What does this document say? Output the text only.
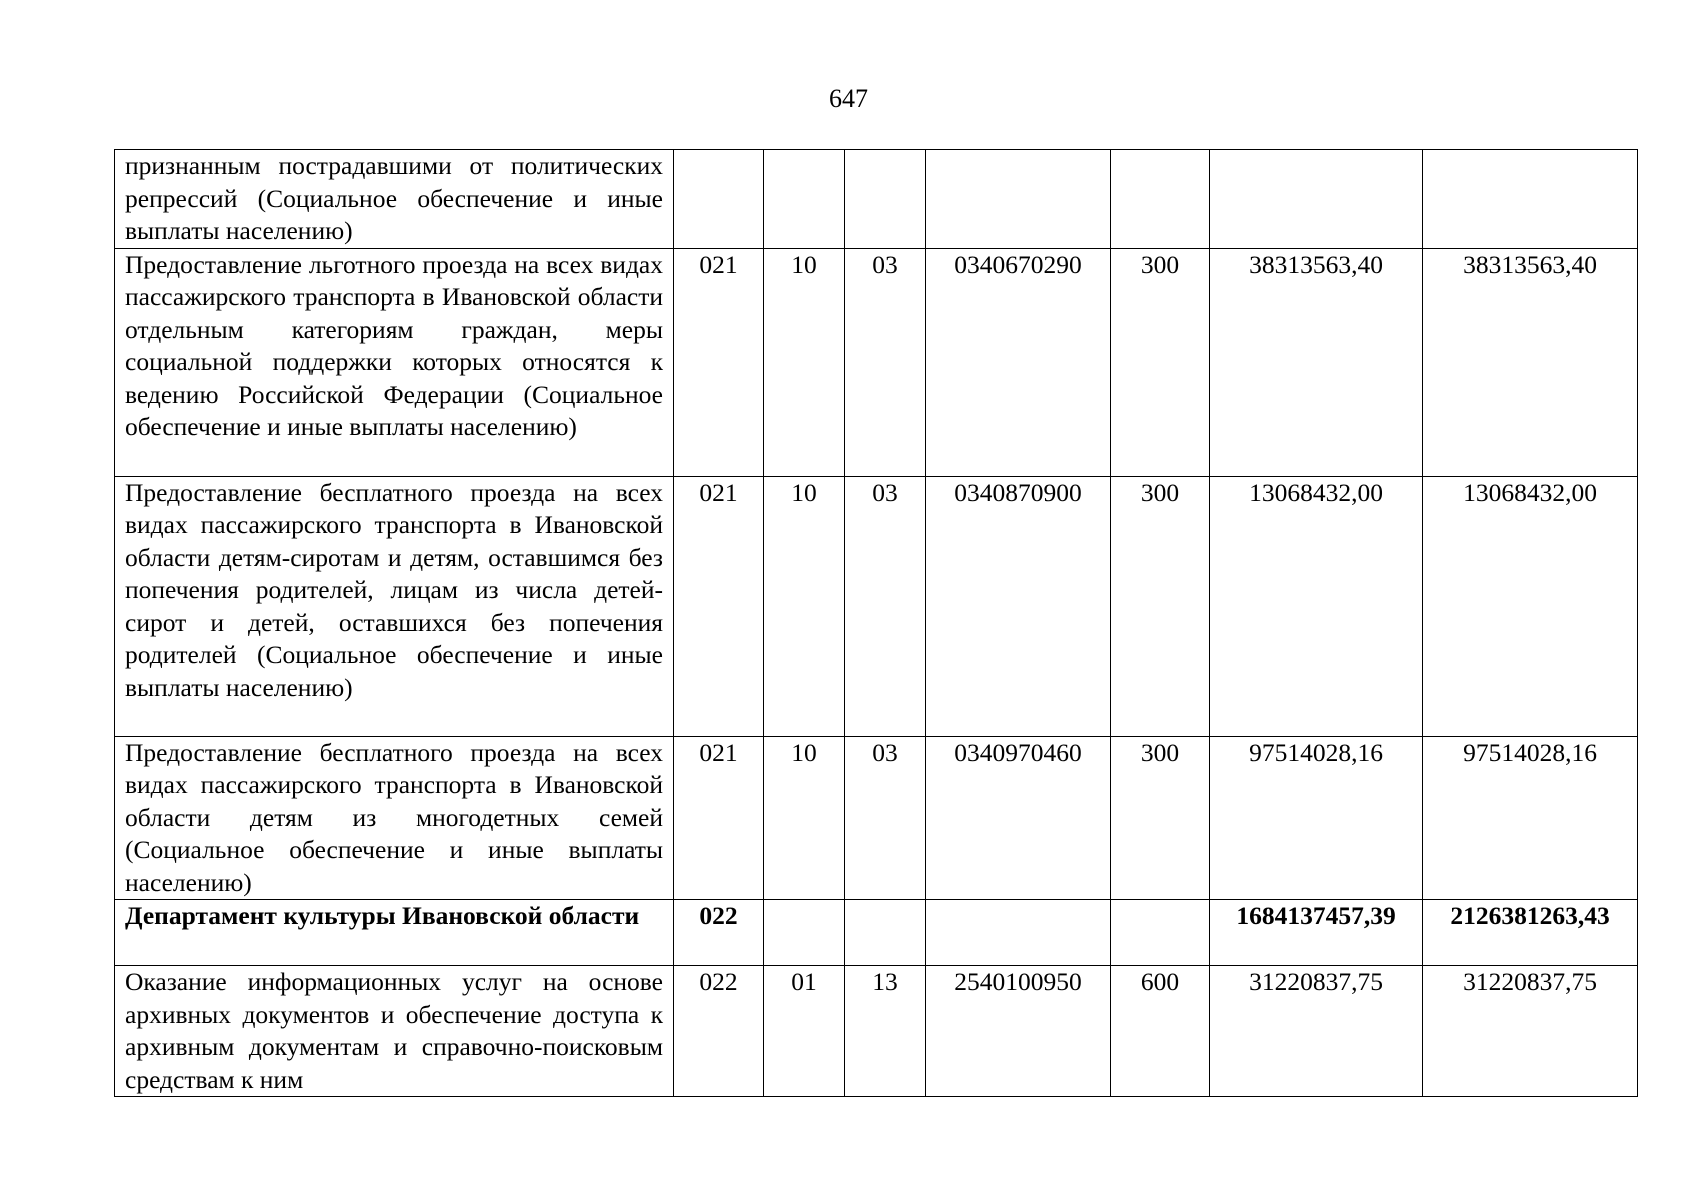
647
признанным пострадавшими от политических репрессий (Социальное обеспечение и иные выплаты населению)							
Предоставление льготного проезда на всех видах пассажирского транспорта в Ивановской области отдельным категориям граждан, меры социальной поддержки которых относятся к ведению Российской Федерации (Социальное обеспечение и иные выплаты населению)	021	10	03	0340670290	300	38313563,40	38313563,40
Предоставление бесплатного проезда на всех видах пассажирского транспорта в Ивановской области детям-сиротам и детям, оставшимся без попечения родителей, лицам из числа детей-сирот и детей, оставшихся без попечения родителей (Социальное обеспечение и иные выплаты населению)	021	10	03	0340870900	300	13068432,00	13068432,00
Предоставление бесплатного проезда на всех видах пассажирского транспорта в Ивановской области детям из многодетных семей (Социальное обеспечение и иные выплаты населению)	021	10	03	0340970460	300	97514028,16	97514028,16
Департамент культуры Ивановской области	022					1684137457,39	2126381263,43
Оказание информационных услуг на основе архивных документов и обеспечение доступа к архивным документам и справочно-поисковым средствам к ним	022	01	13	2540100950	600	31220837,75	31220837,75
